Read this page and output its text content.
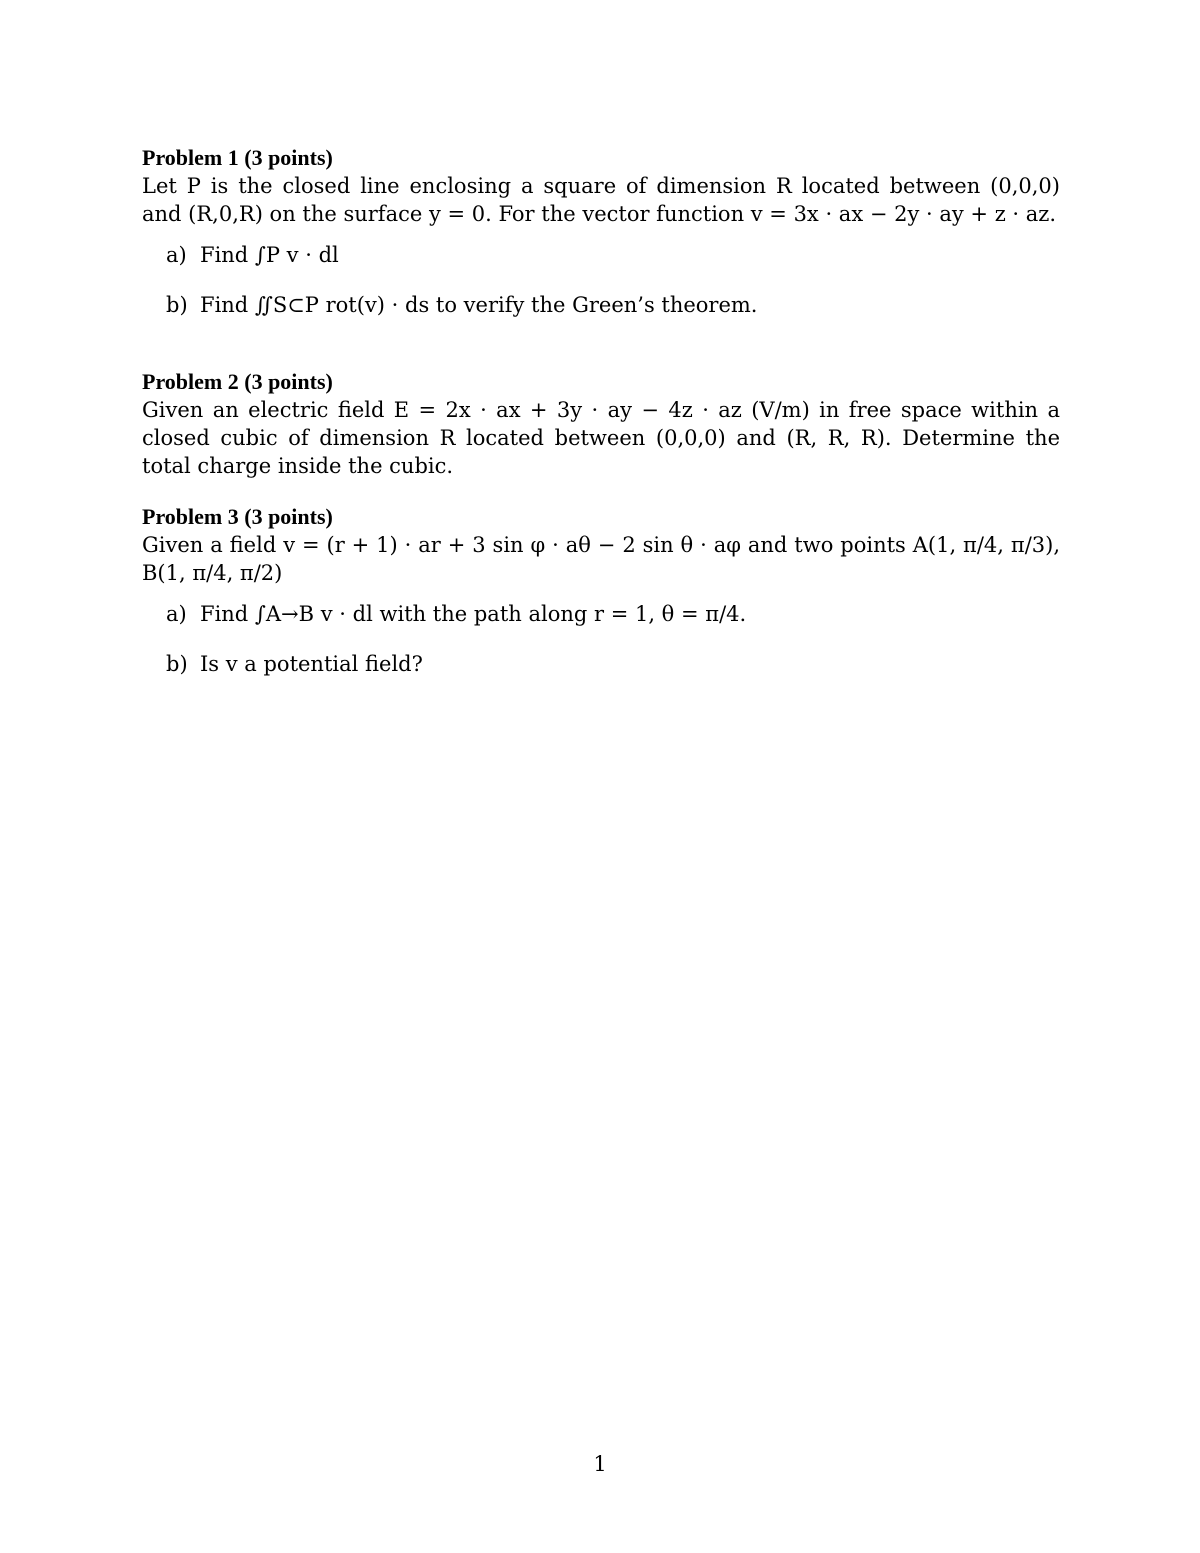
Problem 1 (3 points)
Let P is the closed line enclosing a square of dimension R located between (0,0,0) and (R,0,R) on the surface y = 0. For the vector function v = 3x · ax − 2y · ay + z · az.
a) Find ∫P v · dl
b) Find ∬S⊂P rot(v) · ds to verify the Green’s theorem.
Problem 2 (3 points)
Given an electric field E = 2x · ax + 3y · ay − 4z · az (V/m) in free space within a closed cubic of dimension R located between (0,0,0) and (R, R, R). Determine the total charge inside the cubic.
Problem 3 (3 points)
Given a field v = (r + 1) · ar + 3 sin φ · aθ − 2 sin θ · aφ and two points A(1, π/4, π/3), B(1, π/4, π/2)
a) Find ∫A→B v · dl with the path along r = 1, θ = π/4.
b) Is v a potential field?
1
